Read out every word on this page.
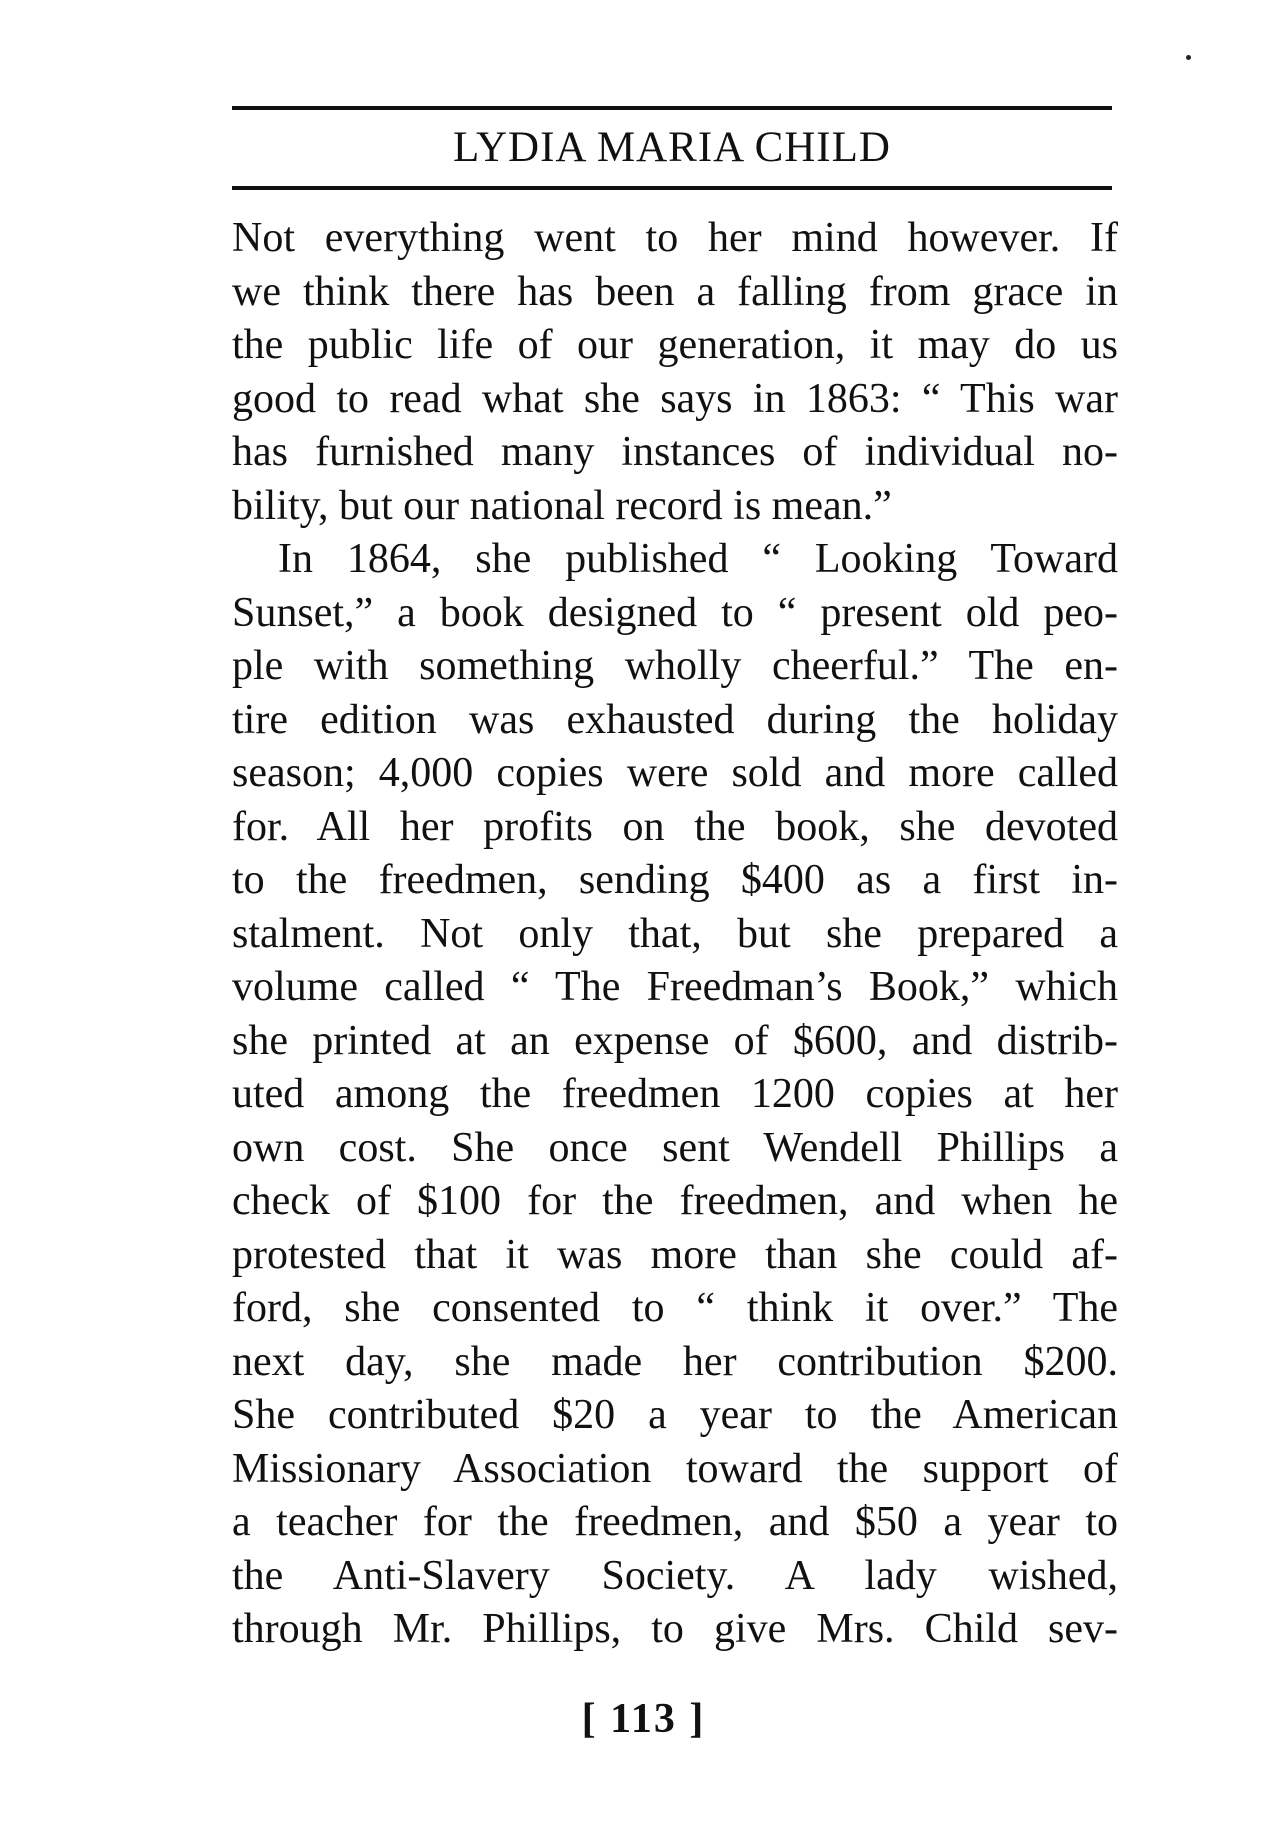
LYDIA MARIA CHILD
Not everything went to her mind however. If
we think there has been a falling from grace in
the public life of our generation, it may do us
good to read what she says in 1863: “ This war
has furnished many instances of individual no-
bility, but our national record is mean.”
In 1864, she published “ Looking Toward
Sunset,” a book designed to “ present old peo-
ple with something wholly cheerful.” The en-
tire edition was exhausted during the holiday
season; 4,000 copies were sold and more called
for. All her profits on the book, she devoted
to the freedmen, sending $400 as a first in-
stalment. Not only that, but she prepared a
volume called “ The Freedman’s Book,” which
she printed at an expense of $600, and distrib-
uted among the freedmen 1200 copies at her
own cost. She once sent Wendell Phillips a
check of $100 for the freedmen, and when he
protested that it was more than she could af-
ford, she consented to “ think it over.” The
next day, she made her contribution $200.
She contributed $20 a year to the American
Missionary Association toward the support of
a teacher for the freedmen, and $50 a year to
the Anti-Slavery Society. A lady wished,
through Mr. Phillips, to give Mrs. Child sev-
[ 113 ]
